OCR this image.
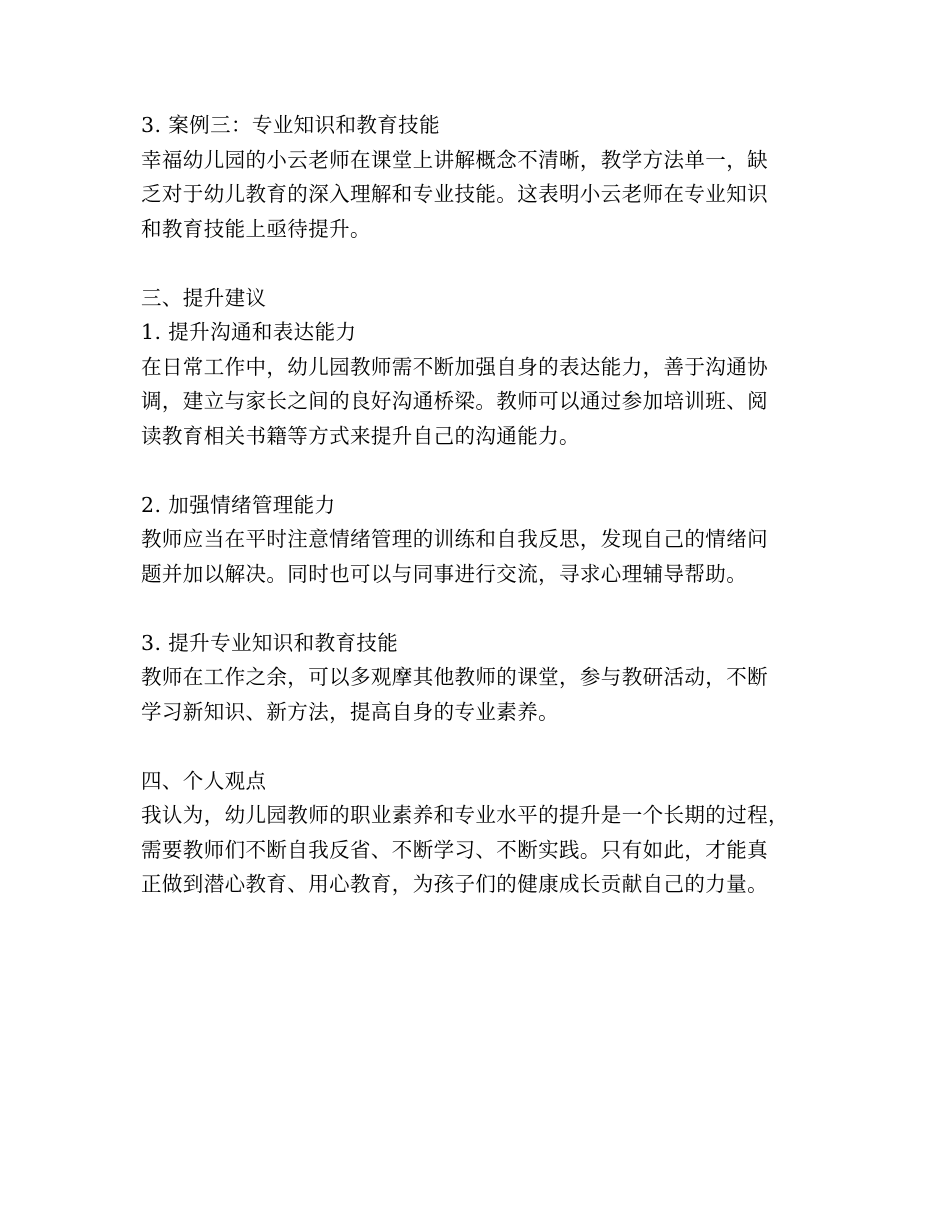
3. 案例三：专业知识和教育技能

幸福幼儿园的小云老师在课堂上讲解概念不清晰，教学方法单一，缺

乏对于幼儿教育的深入理解和专业技能。这表明小云老师在专业知识

和教育技能上亟待提升。

三、提升建议

1. 提升沟通和表达能力

在日常工作中，幼儿园教师需不断加强自身的表达能力，善于沟通协

调，建立与家长之间的良好沟通桥梁。教师可以通过参加培训班、阅

读教育相关书籍等方式来提升自己的沟通能力。

2. 加强情绪管理能力

教师应当在平时注意情绪管理的训练和自我反思，发现自己的情绪问

题并加以解决。同时也可以与同事进行交流，寻求心理辅导帮助。

3. 提升专业知识和教育技能

教师在工作之余，可以多观摩其他教师的课堂，参与教研活动，不断

学习新知识、新方法，提高自身的专业素养。

四、个人观点

我认为，幼儿园教师的职业素养和专业水平的提升是一个长期的过程，

需要教师们不断自我反省、不断学习、不断实践。只有如此，才能真

正做到潜心教育、用心教育，为孩子们的健康成长贡献自己的力量。
